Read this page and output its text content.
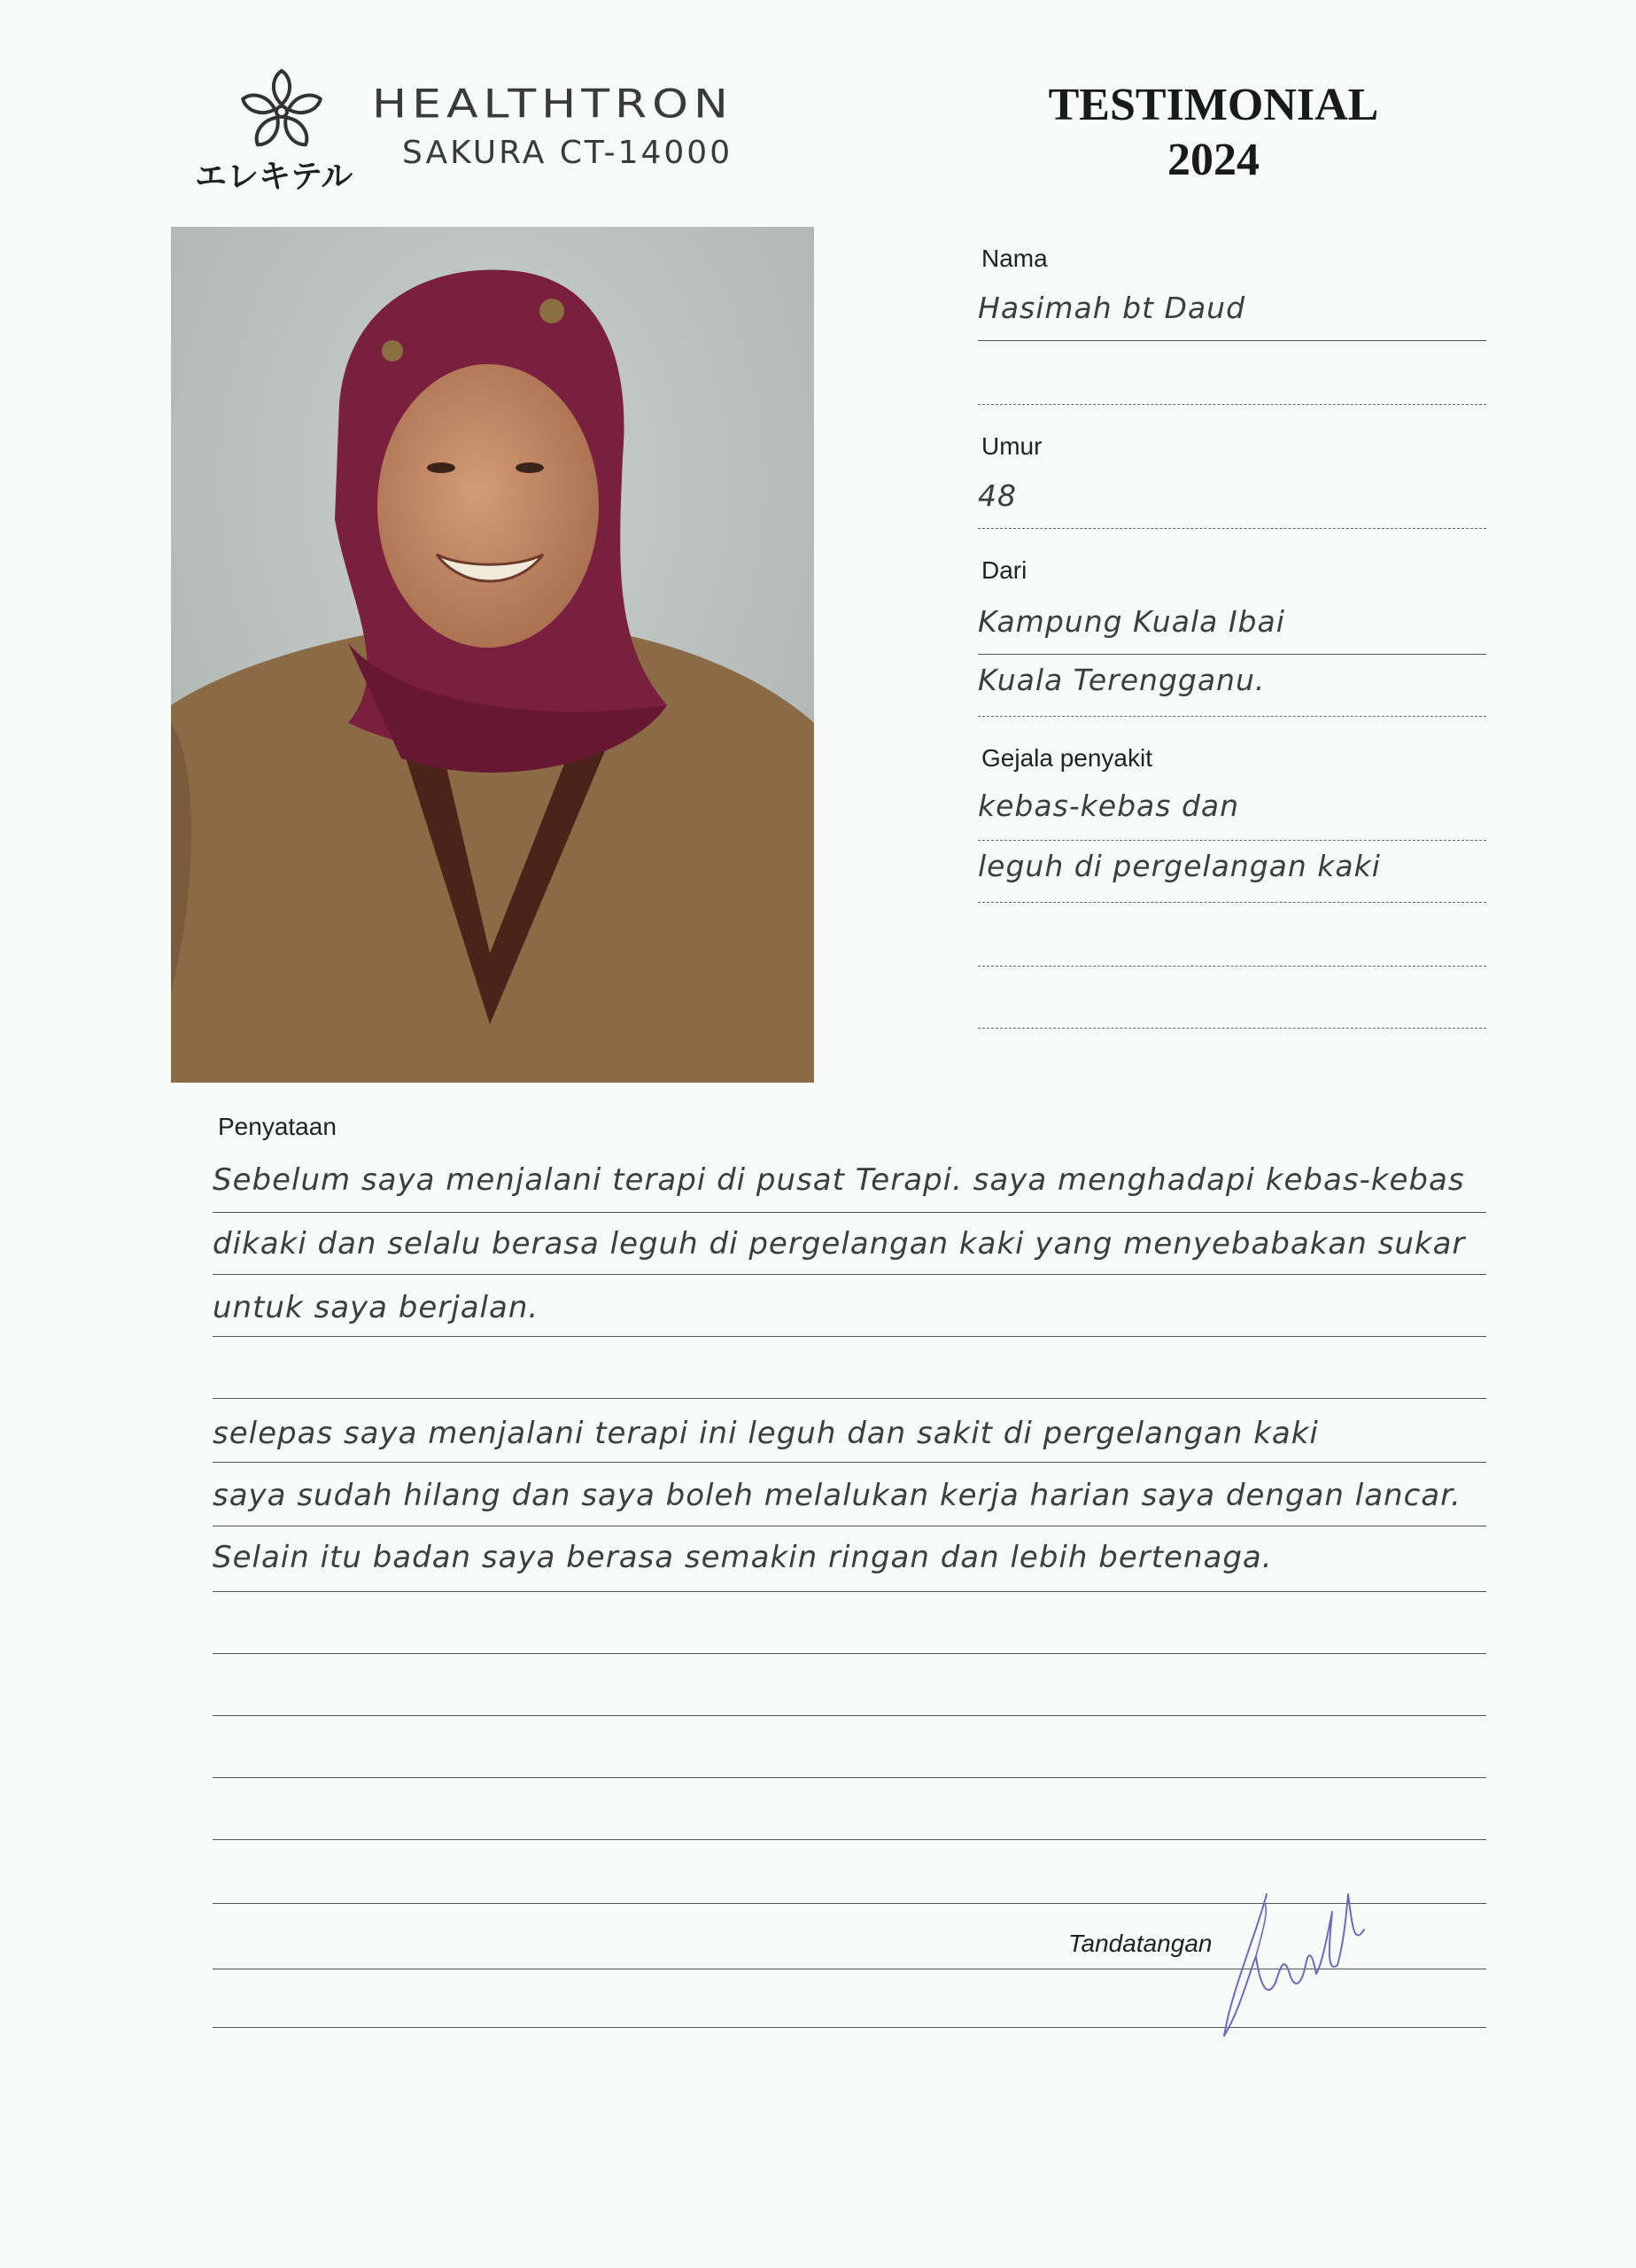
エレキテル
HEALTHTRON
SAKURA CT-14000
TESTIMONIAL
2024
Nama
Hasimah bt Daud
Umur
48
Dari
Kampung Kuala Ibai
Kuala Terengganu.
Gejala penyakit
kebas-kebas dan
leguh di pergelangan kaki
Penyataan
Sebelum saya menjalani terapi di pusat Terapi. saya menghadapi kebas-kebas
dikaki dan selalu berasa leguh di pergelangan kaki yang menyebabakan sukar
untuk saya berjalan.
selepas saya menjalani terapi ini leguh dan sakit di pergelangan kaki
saya sudah hilang dan saya boleh melalukan kerja harian saya dengan lancar.
Selain itu badan saya berasa semakin ringan dan lebih bertenaga.
Tandatangan
